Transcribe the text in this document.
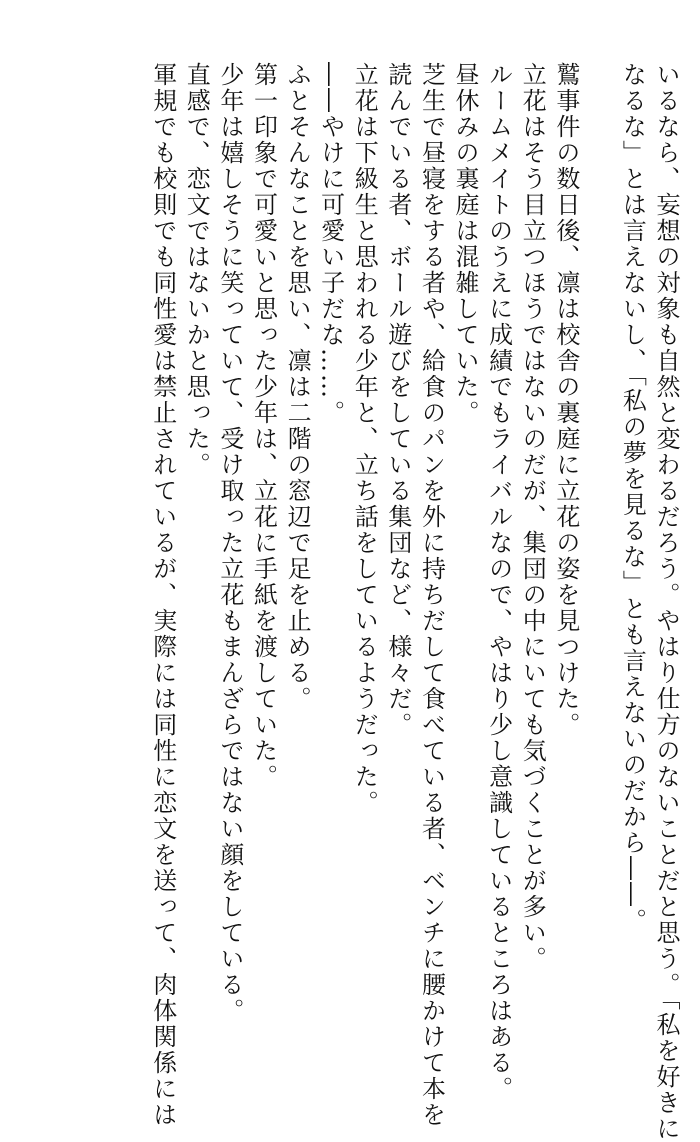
いるなら、妄想の対象も自然と変わるだろう。やはり仕方のないことだと思う。「私を好きに
なるな」とは言えないし、「私の夢を見るな」とも言えないのだから――。
鷲事件の数日後、凛は校舎の裏庭に立花の姿を見つけた。
立花はそう目立つほうではないのだが、集団の中にいても気づくことが多い。
ルームメイトのうえに成績でもライバルなので、やはり少し意識しているところはある。
昼休みの裏庭は混雑していた。
芝生で昼寝をする者や、給食のパンを外に持ちだして食べている者、ベンチに腰かけて本を
読んでいる者、ボール遊びをしている集団など、様々だ。
立花は下級生と思われる少年と、立ち話をしているようだった。
――やけに可愛い子だな……。
ふとそんなことを思い、凛は二階の窓辺で足を止める。
第一印象で可愛いと思った少年は、立花に手紙を渡していた。
少年は嬉しそうに笑っていて、受け取った立花もまんざらではない顔をしている。
直感で、恋文ではないかと思った。
軍規でも校則でも同性愛は禁止されているが、実際には同性に恋文を送って、肉体関係には
